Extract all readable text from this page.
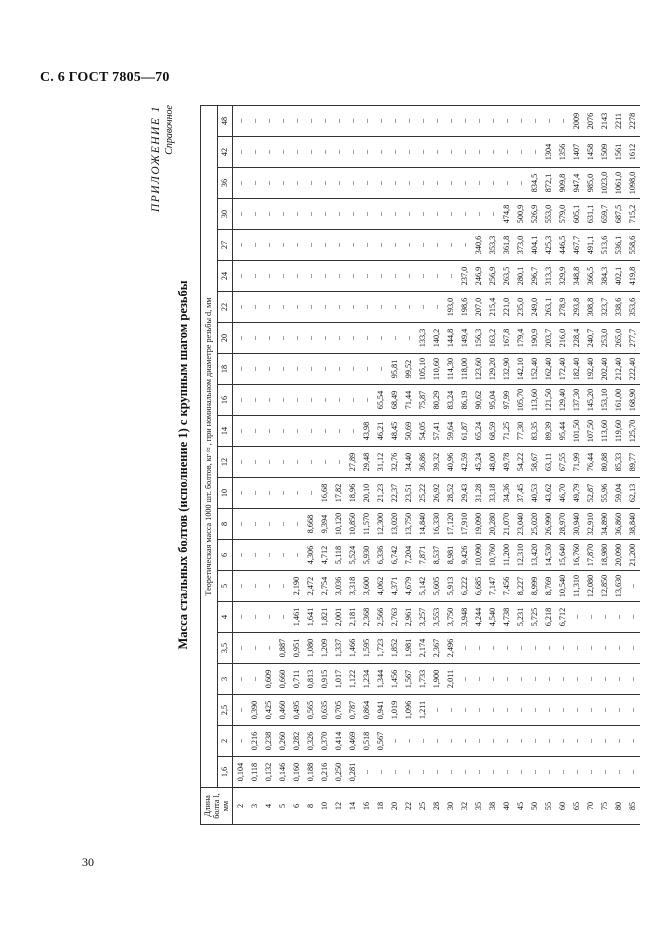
С. 6 ГОСТ 7805—70
30
ПРИЛОЖЕНИЕ 1 Справочное
Масса стальных болтов (исполнение 1) с крупным шагом резьбы
Длина болта l, мм	Теоретическая масса 1000 шт. болтов, кг ≈ , при номинальном диаметре резьбы d, мм																					
	1,6	2	2,5	3	3,5	4	5	6	8	10	12	14	16	18	20	22	24	27	30	36	42	48
2	0,104	–	–	–	–	–	–	–	–	–	–	–	–	–	–	–	–	–	–	–	–	–
3	0,118	0,216	0,390	–	–	–	–	–	–	–	–	–	–	–	–	–	–	–	–	–	–	–
4	0,132	0,238	0,425	0,609	–	–	–	–	–	–	–	–	–	–	–	–	–	–	–	–	–	–
5	0,146	0,260	0,460	0,660	0,887	–	–	–	–	–	–	–	–	–	–	–	–	–	–	–	–	–
6	0,160	0,282	0,495	0,711	0,951	1,461	2,190	–	–	–	–	–	–	–	–	–	–	–	–	–	–	–
8	0,188	0,326	0,565	0,813	1,080	1,641	2,472	4,306	8,668	–	–	–	–	–	–	–	–	–	–	–	–	–
10	0,216	0,370	0,635	0,915	1,209	1,821	2,754	4,712	9,394	16,68	–	–	–	–	–	–	–	–	–	–	–	–
12	0,250	0,414	0,705	1,017	1,337	2,001	3,036	5,118	10,120	17,82	–	–	–	–	–	–	–	–	–	–	–	–
14	0,281	0,469	0,787	1,122	1,466	2,181	3,318	5,524	10,850	18,96	27,89	–	–	–	–	–	–	–	–	–	–	–
16	–	0,518	0,864	1,234	1,595	2,368	3,600	5,930	11,570	20,10	29,48	43,98	–	–	–	–	–	–	–	–	–	–
18	–	0,567	0,941	1,344	1,723	2,566	4,062	6,336	12,300	21,23	31,12	46,21	65,54	–	–	–	–	–	–	–	–	–
20	–	–	1,019	1,456	1,852	2,763	4,371	6,742	13,020	22,37	32,76	48,45	68,49	95,81	–	–	–	–	–	–	–	–
22	–	–	1,096	1,567	1,981	2,961	4,679	7,204	13,750	23,51	34,40	50,69	71,44	99,52	–	–	–	–	–	–	–	–
25	–	–	1,211	1,733	2,174	3,257	5,142	7,871	14,840	25,22	36,86	54,05	75,87	105,10	133,3	–	–	–	–	–	–	–
28	–	–	–	1,900	2,367	3,553	5,605	8,537	16,330	26,92	39,32	57,41	80,29	110,60	140,2	–	–	–	–	–	–	–
30	–	–	–	2,011	2,496	3,750	5,913	8,981	17,120	28,52	40,96	59,64	83,24	114,30	144,8	193,0	–	–	–	–	–	–
32	–	–	–	–	–	3,948	6,222	9,426	17,910	29,43	42,59	61,87	86,19	118,00	149,4	198,6	237,0	–	–	–	–	–
35	–	–	–	–	–	4,244	6,685	10,090	19,090	31,28	45,24	65,24	90,62	123,60	156,3	207,0	246,9	340,6	–	–	–	–
38	–	–	–	–	–	4,540	7,147	10,760	20,280	33,18	48,00	68,59	95,04	129,20	163,2	215,4	256,9	353,3	–	–	–	–
40	–	–	–	–	–	4,738	7,456	11,200	21,070	34,36	49,78	71,25	97,99	132,90	167,8	221,0	263,5	361,8	474,8	–	–	–
45	–	–	–	–	–	5,231	8,227	12,310	23,040	37,45	54,22	77,30	105,70	142,10	179,4	235,0	280,1	373,0	500,9	–	–	–
50	–	–	–	–	–	5,725	8,999	13,420	25,020	40,53	58,67	83,35	113,60	152,40	190,9	249,0	296,7	404,1	526,9	834,5	–	–
55	–	–	–	–	–	6,218	8,769	14,530	26,990	43,62	63,11	89,39	121,50	162,40	203,7	263,1	313,3	425,3	553,0	872,1	1304	–
60	–	–	–	–	–	6,712	10,540	15,640	28,970	46,70	67,55	95,44	129,40	172,40	216,0	278,9	329,9	446,5	579,0	909,8	1356	–
65	–	–	–	–	–	–	11,310	16,760	30,940	49,79	71,99	101,50	137,30	182,40	228,4	293,8	348,8	467,7	605,1	947,4	1407	2009
70	–	–	–	–	–	–	12,080	17,870	32,910	52,87	76,44	107,50	145,20	192,40	240,7	308,8	366,5	491,1	631,1	985,0	1458	2076
75	–	–	–	–	–	–	12,850	18,980	34,890	55,96	80,88	113,60	153,10	202,40	253,0	323,7	384,3	513,6	659,7	1023,0	1509	2143
80	–	–	–	–	–	–	13,630	20,090	36,860	59,04	85,33	119,60	161,00	212,40	265,0	338,6	402,1	536,1	687,5	1061,0	1561	2211
85	–	–	–	–	–	–	–	21,200	38,840	62,13	89,77	125,70	168,90	222,40	277,7	353,6	419,8	558,6	715,2	1098,0	1612	2278
